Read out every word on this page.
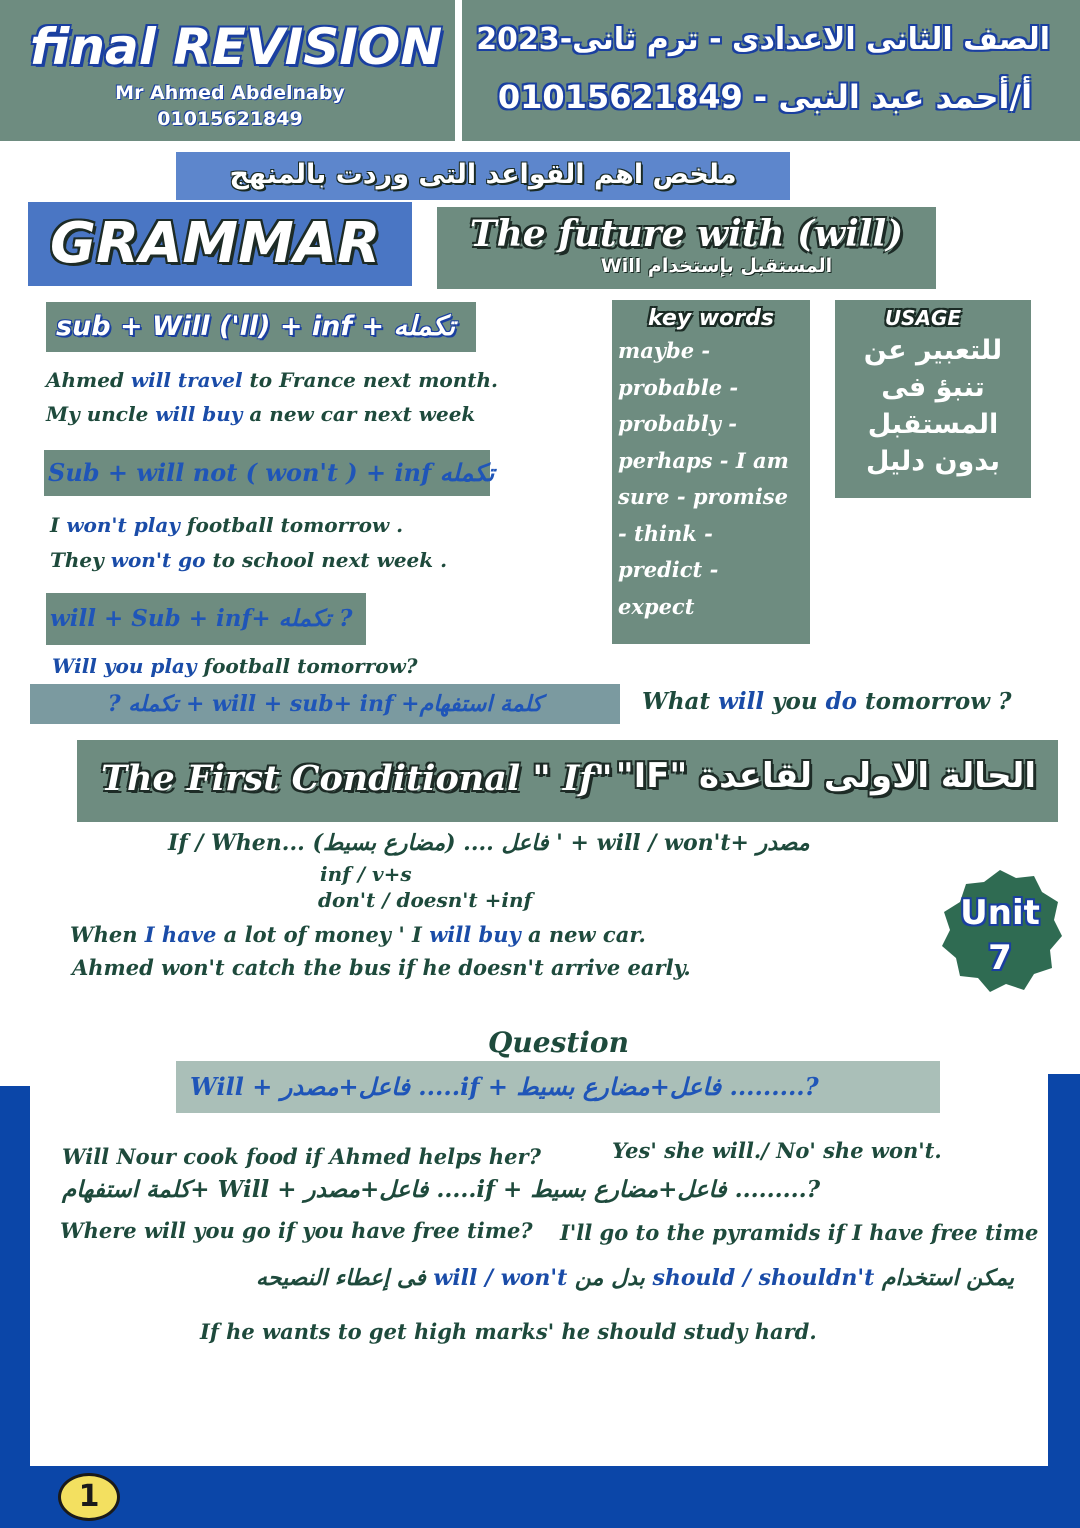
final REVISION
Mr Ahmed Abdelnaby
01015621849
الصف الثانى الاعدادى - ترم ثانى-2023
أ/أحمد عبد النبى - 01015621849
ملخص اهم القواعد التى وردت بالمنهج
GRAMMAR	The future with (will)
المستقبل بإستخدام Will
sub + Will ('ll) + inf + تكمله
Ahmed will travel to France next month.
My uncle will buy a new car next week
Sub + will not ( won't ) + inf تكمله
I won't play football tomorrow .
They won't go to school next week .
will + Sub + inf+ تكمله ?
Will you play football tomorrow?
كلمة استفهام+ will + sub+ inf + تكمله ?	What will you do tomorrow ?
key words
maybe -
probable -
probably -
perhaps - I am
sure - promise
- think -
predict -
expect
USAGE
للتعبير عن
تنبؤ فى
المستقبل
بدون دليل
The First Conditional " If" الحالة الاولى لقاعدة "IF"
If / When... (مضارع بسيط) .... فاعل ' + will / won't+ مصدر
inf / v+s
don't / doesn't +inf
When I have a lot of money ' I will buy a new car.
Ahmed won't catch the bus if he doesn't arrive early.
Unit
7
Question
Will + فاعل+مصدر .....if + فاعل+مضارع بسيط .........?
Will Nour cook food if Ahmed helps her?	Yes' she will./ No' she won't.
كلمة استفهام+ Will + فاعل+مصدر .....if + فاعل+مضارع بسيط .........?
Where will you go if you have free time? I'll go to the pyramids if I have free time
يمكن استخدام should / shouldn't بدل من will / won't فى إعطاء النصيحه
If he wants to get high marks' he should study hard.
1
